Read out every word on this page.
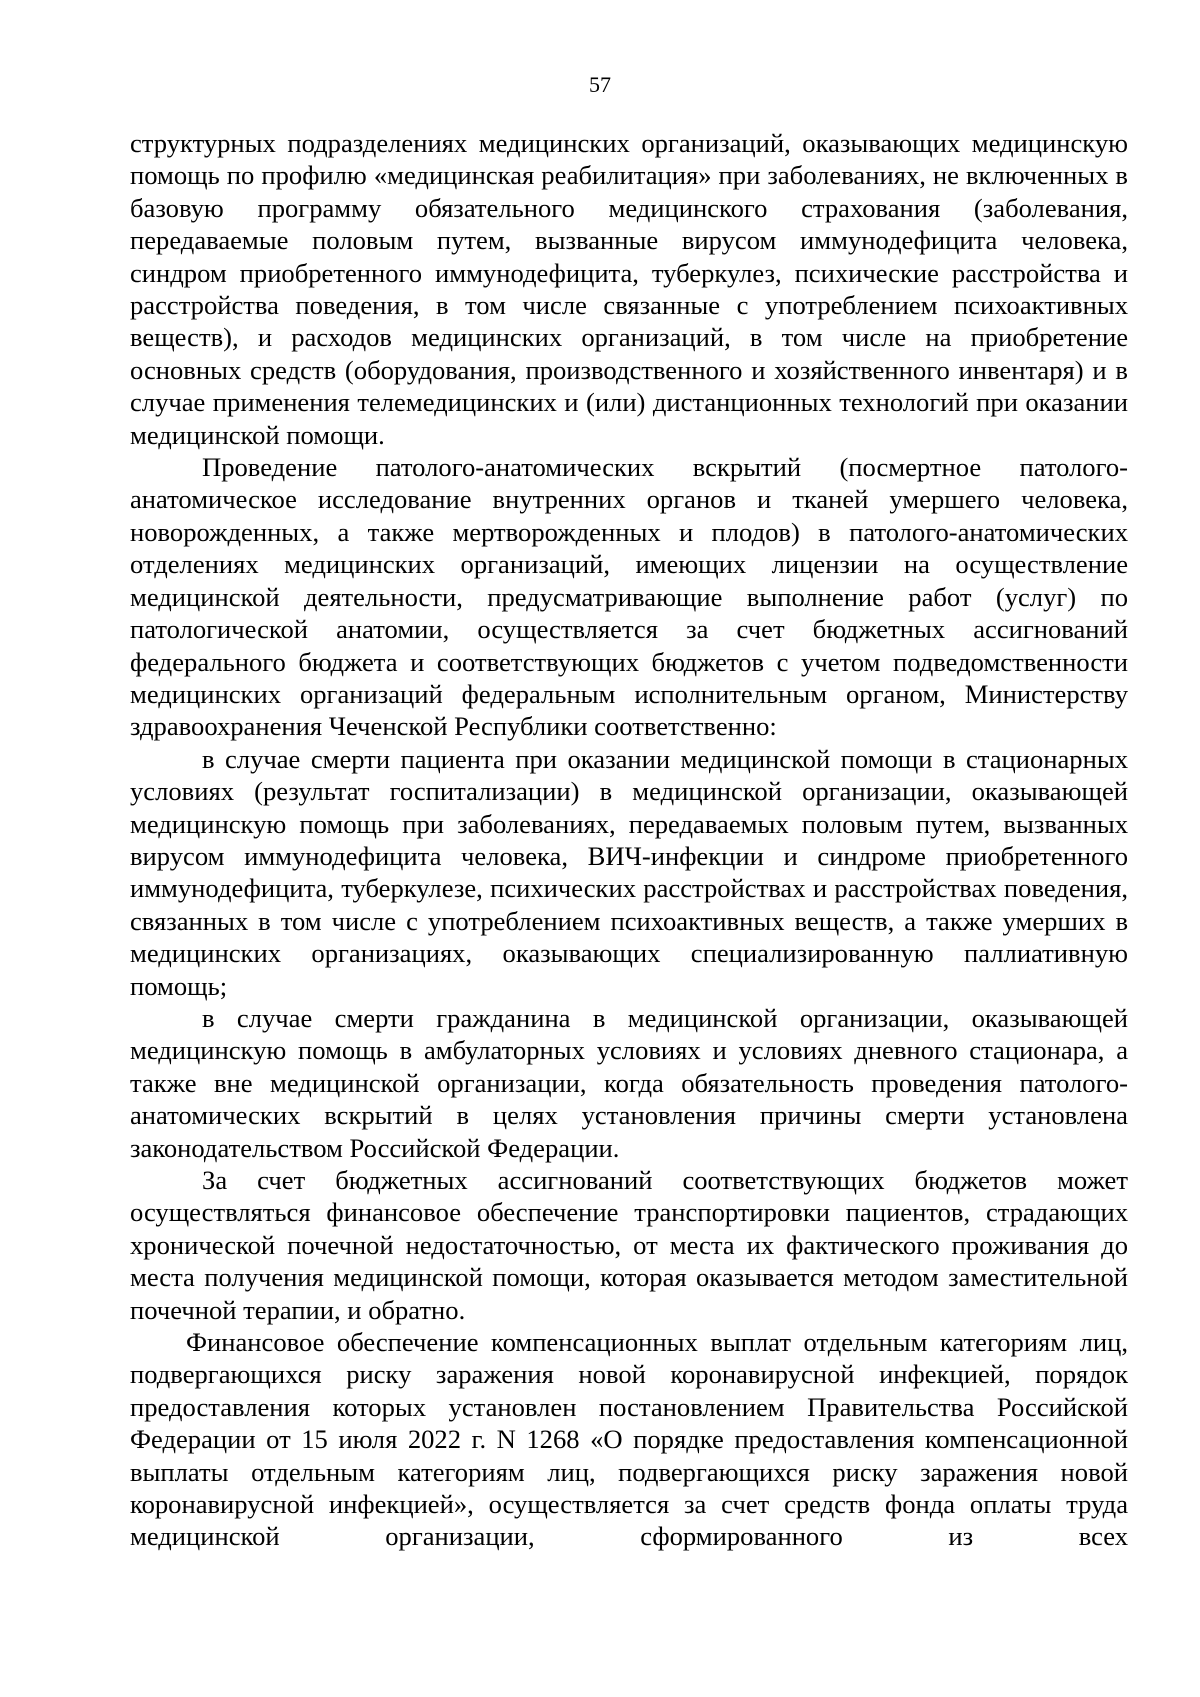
57

структурных подразделениях медицинских организаций, оказывающих медицинскую помощь по профилю «медицинская реабилитация» при заболеваниях, не включенных в базовую программу обязательного медицинского страхования (заболевания, передаваемые половым путем, вызванные вирусом иммунодефицита человека, синдром приобретенного иммунодефицита, туберкулез, психические расстройства и расстройства поведения, в том числе связанные с употреблением психоактивных веществ), и расходов медицинских организаций, в том числе на приобретение основных средств (оборудования, производственного и хозяйственного инвентаря) и в случае применения телемедицинских и (или) дистанционных технологий при оказании медицинской помощи.

Проведение патолого-анатомических вскрытий (посмертное патолого-анатомическое исследование внутренних органов и тканей умершего человека, новорожденных, а также мертворожденных и плодов) в патолого-анатомических отделениях медицинских организаций, имеющих лицензии на осуществление медицинской деятельности, предусматривающие выполнение работ (услуг) по патологической анатомии, осуществляется за счет бюджетных ассигнований федерального бюджета и соответствующих бюджетов с учетом подведомственности медицинских организаций федеральным исполнительным органом, Министерству здравоохранения Чеченской Республики соответственно:

в случае смерти пациента при оказании медицинской помощи в стационарных условиях (результат госпитализации) в медицинской организации, оказывающей медицинскую помощь при заболеваниях, передаваемых половым путем, вызванных вирусом иммунодефицита человека, ВИЧ-инфекции и синдроме приобретенного иммунодефицита, туберкулезе, психических расстройствах и расстройствах поведения, связанных в том числе с употреблением психоактивных веществ, а также умерших в медицинских организациях, оказывающих специализированную паллиативную помощь;

в случае смерти гражданина в медицинской организации, оказывающей медицинскую помощь в амбулаторных условиях и условиях дневного стационара, а также вне медицинской организации, когда обязательность проведения патолого-анатомических вскрытий в целях установления причины смерти установлена законодательством Российской Федерации.

За счет бюджетных ассигнований соответствующих бюджетов может осуществляться финансовое обеспечение транспортировки пациентов, страдающих хронической почечной недостаточностью, от места их фактического проживания до места получения медицинской помощи, которая оказывается методом заместительной почечной терапии, и обратно.

Финансовое обеспечение компенсационных выплат отдельным категориям лиц, подвергающихся риску заражения новой коронавирусной инфекцией, порядок предоставления которых установлен постановлением Правительства Российской Федерации от 15 июля 2022 г. N 1268 «О порядке предоставления компенсационной выплаты отдельным категориям лиц, подвергающихся риску заражения новой коронавирусной инфекцией», осуществляется за счет средств фонда оплаты труда медицинской организации, сформированного из всех
